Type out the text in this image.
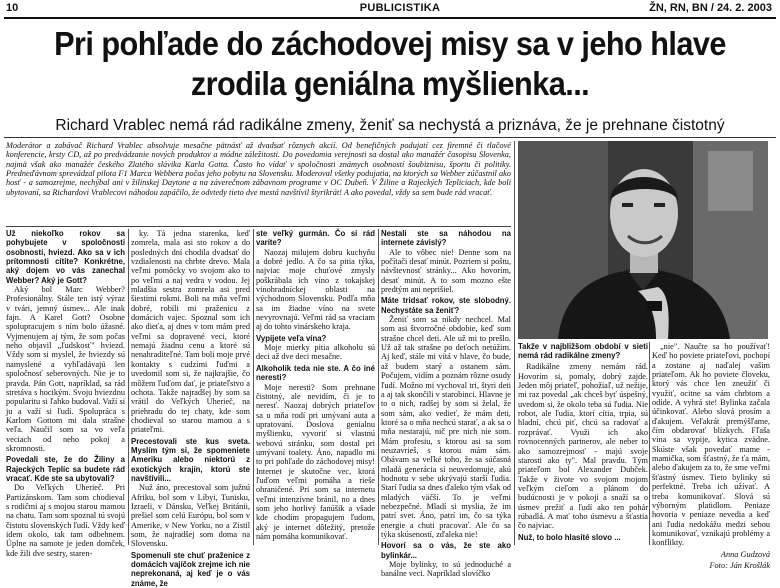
10	PUBLICISTIKA	ŽN, RN, BN / 24. 2. 2003
Pri pohľade do záchodovej misy sa v jeho hlave zrodila geniálna myšlienka...
Richard Vrablec nemá rád radikálne zmeny, ženiť sa nechystá a priznáva, že je prehnane čistotný
Moderátor a zabávač Richard Vrablec absolvuje mesačne pätnásť až dvadsať rôznych akcií. Od benefičných podujatí cez firemné či tlačové konferencie, krsty CD, až po predvádzanie nových produktov a módne záležitosti. Do povedomia verejnosti sa dostal ako manažér časopisu Slovenka, najmä však ako manažér českého Zlatého slávika Karla Gotta. Často ho vídať v spoločnosti známych osobností šoubiznisu, športu či politiky. Predneďávnom sprevádzal pilota F1 Marca Webbera počas jeho pobytu na Slovensku. Moderoval všetky podujatia, na ktorých sa Webber zúčastnil ako hosť - a samozrejme, nechýbal ani v žilinskej Daytone a na záverečnom zábavnom programe v OC Dubeň. V Žiline a Rajeckých Tepliciach, kde boli ubytovaní, sa Richardovi Vrablecovi náhodou zapáčilo, že odvtedy tieto dve mestá navštívil štyrikrát! A ako povedal, vždy sa sem bude rád vracať.

Už niekoľko rokov sa pohybujete v spoločnosti osobností, hviezd. Ako sa v ich prítomnosti cítite? Konkrétne, aký dojem vo vás zanechal Webber? Aký je Gott?

Aký bol Marc Webber? Profesionálny. Stále ten istý výraz v tvári, jemný úsmev... Ale inak fajn. A Karel Gott? Osobne spolupracujem s ním bolo úžasné. Vyjmenujem aj tým, že som počas neho objavil „ľudskosť" hviezd. Vždy som si myslel, že hviezdy sú namyslené a vyhľadávajú len spoločnosť seberovných. Nie je to pravda. Pán Gott, napríklad, sa rád stretáva s hocikým. Svoju hviezdnu popularitu si ľahko budoval. Važí si ju a važí si ľudí. Spolupráca s Karlom Gottom mi dala strašne veľa. Naučil som sa vo veľa veciach od neho pokoj a skromnosti.

Povedali ste, že do Žiliny a Rajeckých Teplíc sa budete rád vracať. Kde ste sa ubytovali?

Do Veľkých Uherieč. Pri Partizánskom. Tam som chodieval s rodičmi aj s mojou starou mamou na chatu. Tam som spoznal tú svojú čistotu slovenských ľudí. Vždy keď idem okolo, tak tam odbehnem. Úplne na samote je jeden domček, kde žili dve sestry, staren-

ky. Tá jedna starenka, keď zomrela, mala asi sto rokov a do posledných dní chodila dvadsať do vzdialenosti na chrbte drevo. Mala veľmi pomôcky vo svojom ako to po veľmi a naj vedra v vodou. Jej mladšia sestra zomrela asi pred šiestimi rokmi. Boli na mňa veľmi dobré, robili mi praženicu z domácich vajec. Spoznal som ich ako dieťa, aj dnes v tom mám pred veľmi sa dopravené veci, ktoré nemajú žiadnu cenu a ktoré sú nenahraditeľné. Tam boli moje prvé kontakty s cudzími ľuďmi a uvedomil som si, že najkrajšie, čo môžem ľuďom dať, je priateľstvo a ochota. Takže najradšej by som sa vrátil do Veľkých Uherieč, na priehradu do tej chaty, kde som chodieval so starou mamou a s priateľmi.

Precestovali ste kus sveta. Myslím tým si, že spomeniete Ameriku alebo niektorú z exotických krajín, ktorú ste navštívili...

Nuž áno, precestoval som južnú Afriku, bol som v Líbyi, Tunisku, Izraeli, v Dánsku, Veľkej Británii, prešiel som celú Európu, bol som v Amerike, v New Yorku, no a Zistil som, že najradšej som doma na Slovensku.

Spomenuli ste chuť praženice z domácich vajíčok zrejme ich nie neprekonaná, aj keď je o vás známe, že

ste veľký gurmán. Čo si rád varíte?

Naozaj milujem dobru kuchyňu a dobré jedlo. A čo sa pitia týka, najviac moje chuťové zmysly poškrábala ich víno z tokajskej vinohradníckej oblasti na východnom Slovensku. Podľa mňa sa im žiadne víno na svete nevyrovnajú. Veľmi rád sa vraciam aj do tohto vinárskeho kraja.

Vypijete veľa vína?

Moje mierky pitia alkoholu sú deci až dve deci mesačne.

Alkoholik teda nie ste. A čo iné neresti?

Moje neresti? Som prehnane čistotný, ale nevidím, či je to neresť. Naozaj dobrých priateľov sa u mňa rodí pri umývaní auta a upratovaní. Doslova genialnu myšlienku, vyvoriť si vlastnú webovú stránku, som dostal pri umývaní toalety. Áno, napadlo mi to pri pohľade do záchodovej misy! Internet je skutočne vec, ktorá ľuďom veľmi pomáha a rieše ohraničené. Pri som sa internetu veľmi intenzívne bránil, no a dnes som jeho horlivý fanúšik a všade kde chodím propagujem ľudom, aký je internet dôležitý, pretože nám pomáha komunikovať.

Nestali ste sa náhodou na internete závislý?

Ale to vôbec nie! Denne som na počítači desať minút. Pozriem si poštu, návštevnosť stránky... Ako hovorím, desať minút. A to som mozno ešte predtým ani neprišiel.

Máte tridsať rokov, ste slobodný. Nechystáte sa ženiť?

Ženiť som sa nikdy nechcel. Mal som asi štvorročné obdobie, keď som strašne chcel deti. Ale už mi to prešlo. Už až tak strašne po deťoch netúžim. Aj keď, stále mi vítá v hlave, čo bude, až budem starý a ostanem sám. Počujem, vidím a poznám rôzne osudy ľudí. Možno mi vychoval tri, štyri deti a aj tak skončili v starobinci. Hlavne je to o nich, radšej by som si želal, že som sám, ako vedieť, že mám deti, ktoré sa o mňa nechcú starať, a ak sa o mňa nestarajú, nič pre nich nie som. Mám profesiu, s ktorou asi sa som neuzavrieš, s ktorou mám sám. Obávam sa veľké toho, že sa súčasná mladá generácia si neuvedomuje, akú hodnotu v sebe ukrývajú starší ľudia. Starí ľudia sa dnes ďaleko tým však od mladých väčší. To je veľmi nebezpečné. Mladí si myslia, že im patrí svet. Áno, patrí im, čo sa týka energie a chuti pracovať. Ale čo sa týka skúseností, zďaleka nie!

Hovorí sa o vás, že ste ako bylinkár...

Moje bylinky, to sú jednoduché a banálne veci. Napríklad slovíčko

Takže v najbližšom období v sieti nemá rád radikálne zmeny?

Radikálne zmeny nemám rád. Hovorím si, pomaly, dobrý zajde. Jeden môj priateľ, pohožiaľ, už nežije, mi raz povedal „ak chceš byť úspešný, uvedom si, že okolo teba sú ľudia. Nie robot, ale ľudia, ktorí cítia, trpia, sú hladní, chcú piť, chcú sa radovať a rozprávať. Využi ich ako rovnocenných partnerov, ale neber to ako samozrejmosť - majú svoje starosti ako ty". Mal pravdu. Tým priateľom bol Alexander Dubček. Takže v živote vo svojom mojom veľkým cieľom a plánom do budúcnosti je v pokoji a snaží sa o úsmev prežiť a ľudí ako ten pohár rúbadlá. A mať toho úsmevu a šťastia čo najviac.

Nuž, to bolo hlasité slovo ...

„nie". Naučte sa ho používať! Keď ho poviete priateľovi, pochopí a zostane aj naďalej vaším priateľom. Ak ho poviete človeku, ktorý vás chce len zneužiť či využiť, ocitne sa vám chrbtom a odíde. A vyhrá ste! Bylinka začala účinkovať. Alebo slová prosím a ďakujem. Veľakrát premýšľame, čím obdarovať blízkych. Fľaša vína sa vypije, kytica zvädne. Skúste však povedať mame - mamička, som šťastný, že ťa mám, alebo ďakujem za to, že sme veľmi šťastný úsmev. Tieto bylinky sú perfektné. Treba ich užívať. A treba komunikovať. Slová sú výborným platidlom. Peniaze hovoria v peniaze nevedia a keď ani ľudia nedokážu medzi sebou komunikovať, vznikajú problémy a konflikty.

Anna Gudzová

Foto: Ján Krošlák
